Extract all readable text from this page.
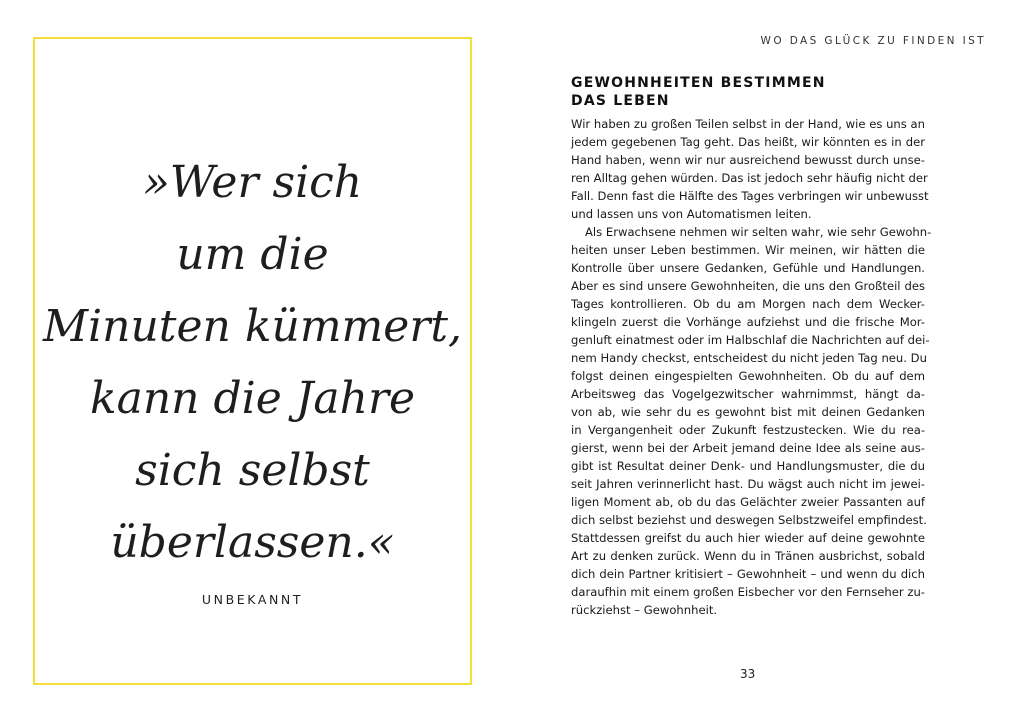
»Wer sich
um die
Minuten kümmert,
kann die Jahre
sich selbst
überlassen.«
UNBEKANNT
WO DAS GLÜCK ZU FINDEN IST
GEWOHNHEITEN BESTIMMEN
DAS LEBEN
Wir haben zu großen Teilen selbst in der Hand, wie es uns an
jedem gegebenen Tag geht. Das heißt, wir könnten es in der
Hand haben, wenn wir nur ausreichend bewusst durch unse-
ren Alltag gehen würden. Das ist jedoch sehr häufig nicht der
Fall. Denn fast die Hälfte des Tages verbringen wir unbewusst
und lassen uns von Automatismen leiten.
Als Erwachsene nehmen wir selten wahr, wie sehr Gewohn-
heiten unser Leben bestimmen. Wir meinen, wir hätten die
Kontrolle über unsere Gedanken, Gefühle und Handlungen.
Aber es sind unsere Gewohnheiten, die uns den Großteil des
Tages kontrollieren. Ob du am Morgen nach dem Wecker-
klingeln zuerst die Vorhänge aufziehst und die frische Mor-
genluft einatmest oder im Halbschlaf die Nachrichten auf dei-
nem Handy checkst, entscheidest du nicht jeden Tag neu. Du
folgst deinen eingespielten Gewohnheiten. Ob du auf dem
Arbeitsweg das Vogelgezwitscher wahrnimmst, hängt da-
von ab, wie sehr du es gewohnt bist mit deinen Gedanken
in Vergangenheit oder Zukunft festzustecken. Wie du rea-
gierst, wenn bei der Arbeit jemand deine Idee als seine aus-
gibt ist Resultat deiner Denk- und Handlungsmuster, die du
seit Jahren verinnerlicht hast. Du wägst auch nicht im jewei-
ligen Moment ab, ob du das Gelächter zweier Passanten auf
dich selbst beziehst und deswegen Selbstzweifel empfindest.
Stattdessen greifst du auch hier wieder auf deine gewohnte
Art zu denken zurück. Wenn du in Tränen ausbrichst, sobald
dich dein Partner kritisiert – Gewohnheit – und wenn du dich
daraufhin mit einem großen Eisbecher vor den Fernseher zu-
rückziehst – Gewohnheit.
33
